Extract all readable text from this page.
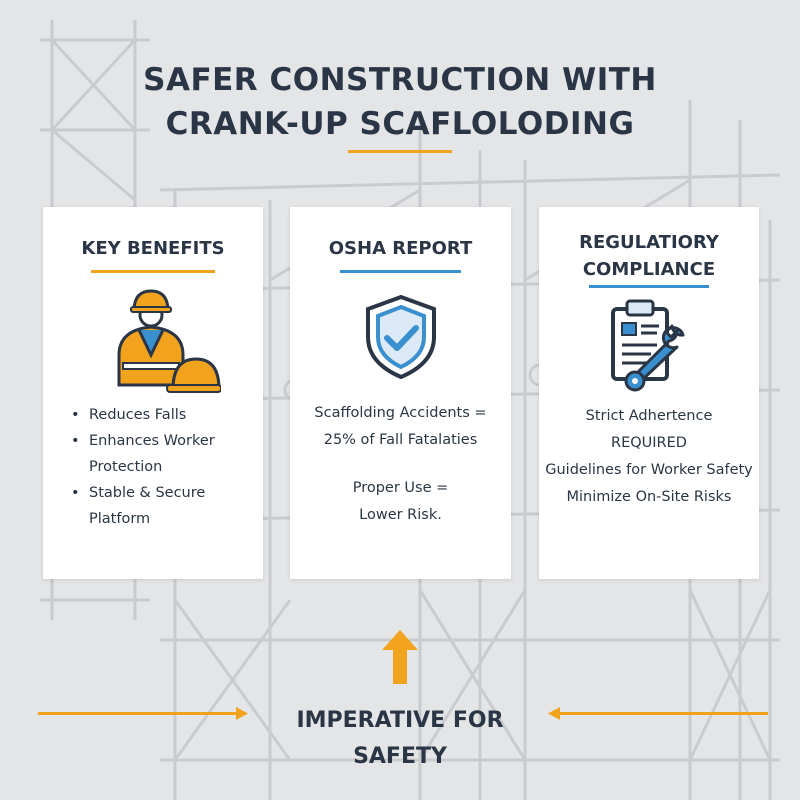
SAFER CONSTRUCTION WITH
CRANK-UP SCAFLOLODING
KEY BENEFITS
• Reduces Falls
• Enhances Worker Protection
• Stable & Secure Platform
OSHA REPORT

Scaffolding Accidents =
25% of Fall Fatalaties
Proper Use =
Lower Risk.

REGULATIORY
COMPLIANCE

Strict Adhertence
REQUIRED
Guidelines for Worker Safety
Minimize On-Site Risks

IMPERATIVE FOR SAFETY
